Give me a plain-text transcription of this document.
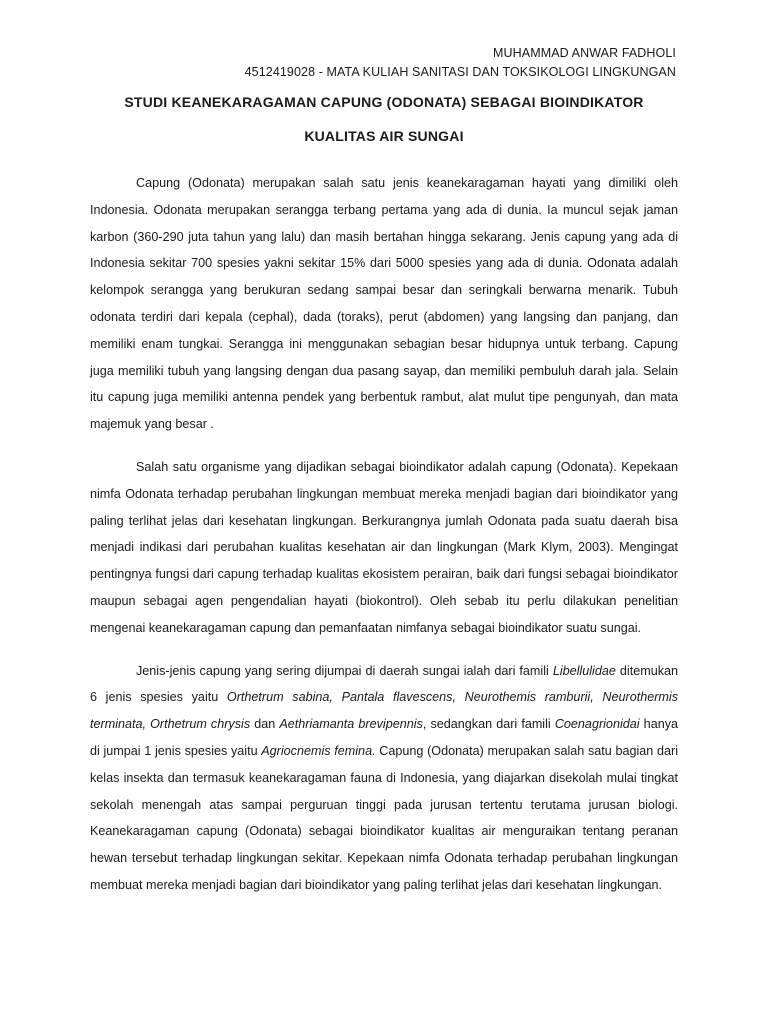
MUHAMMAD ANWAR FADHOLI
4512419028 - MATA KULIAH SANITASI DAN TOKSIKOLOGI LINGKUNGAN
STUDI KEANEKARAGAMAN CAPUNG (ODONATA) SEBAGAI BIOINDIKATOR
KUALITAS AIR SUNGAI

Capung (Odonata) merupakan salah satu jenis keanekaragaman hayati yang dimiliki oleh Indonesia. Odonata merupakan serangga terbang pertama yang ada di dunia. Ia muncul sejak jaman karbon (360-290 juta tahun yang lalu) dan masih bertahan hingga sekarang. Jenis capung yang ada di Indonesia sekitar 700 spesies yakni sekitar 15% dari 5000 spesies yang ada di dunia. Odonata adalah kelompok serangga yang berukuran sedang sampai besar dan seringkali berwarna menarik. Tubuh odonata terdiri dari kepala (cephal), dada (toraks), perut (abdomen) yang langsing dan panjang, dan memiliki enam tungkai. Serangga ini menggunakan sebagian besar hidupnya untuk terbang. Capung juga memiliki tubuh yang langsing dengan dua pasang sayap, dan memiliki pembuluh darah jala. Selain itu capung juga memiliki antenna pendek yang berbentuk rambut, alat mulut tipe pengunyah, dan mata majemuk yang besar .

Salah satu organisme yang dijadikan sebagai bioindikator adalah capung (Odonata). Kepekaan nimfa Odonata terhadap perubahan lingkungan membuat mereka menjadi bagian dari bioindikator yang paling terlihat jelas dari kesehatan lingkungan. Berkurangnya jumlah Odonata pada suatu daerah bisa menjadi indikasi dari perubahan kualitas kesehatan air dan lingkungan (Mark Klym, 2003). Mengingat pentingnya fungsi dari capung terhadap kualitas ekosistem perairan, baik dari fungsi sebagai bioindikator maupun sebagai agen pengendalian hayati (biokontrol). Oleh sebab itu perlu dilakukan penelitian mengenai keanekaragaman capung dan pemanfaatan nimfanya sebagai bioindikator suatu sungai.

Jenis-jenis capung yang sering dijumpai di daerah sungai ialah dari famili Libellulidae ditemukan 6 jenis spesies yaitu Orthetrum sabina, Pantala flavescens, Neurothemis ramburii, Neurothermis terminata, Orthetrum chrysis dan Aethriamanta brevipennis, sedangkan dari famili Coenagrionidai hanya di jumpai 1 jenis spesies yaitu Agriocnemis femina. Capung (Odonata) merupakan salah satu bagian dari kelas insekta dan termasuk keanekaragaman fauna di Indonesia, yang diajarkan disekolah mulai tingkat sekolah menengah atas sampai perguruan tinggi pada jurusan tertentu terutama jurusan biologi. Keanekaragaman capung (Odonata) sebagai bioindikator kualitas air menguraikan tentang peranan hewan tersebut terhadap lingkungan sekitar. Kepekaan nimfa Odonata terhadap perubahan lingkungan membuat mereka menjadi bagian dari bioindikator yang paling terlihat jelas dari kesehatan lingkungan.
